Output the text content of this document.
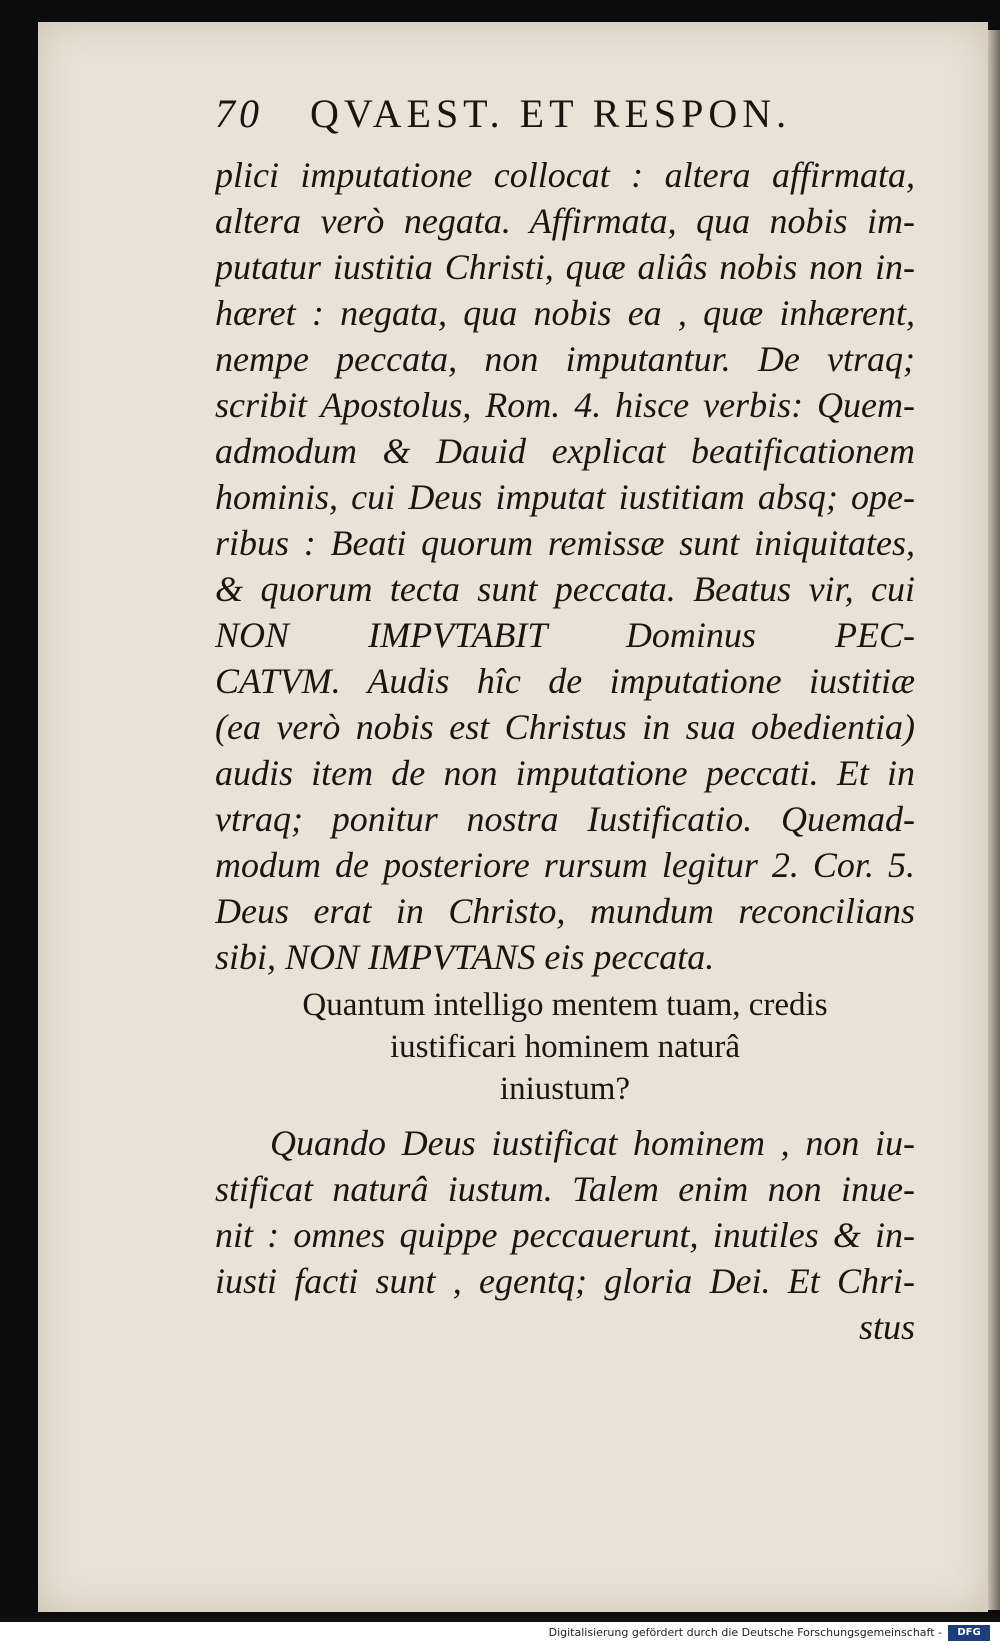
70	QVAEST. ET RESPON.
plici imputatione collocat : altera affirmata,
altera verò negata. Affirmata, qua nobis im-
putatur iustitia Christi, quæ aliâs nobis non in-
hæret : negata, qua nobis ea , quæ inhærent,
nempe peccata, non imputantur. De vtraq;
scribit Apostolus, Rom. 4. hisce verbis: Quem-
admodum & Dauid explicat beatificationem
hominis, cui Deus imputat iustitiam absq; ope-
ribus : Beati quorum remissæ sunt iniquitates,
& quorum tecta sunt peccata. Beatus vir, cui
NON IMPVTABIT Dominus PEC-
CATVM. Audis hîc de imputatione iustitiæ
(ea verò nobis est Christus in sua obedientia)
audis item de non imputatione peccati. Et in
vtraq; ponitur nostra Iustificatio. Quemad-
modum de posteriore rursum legitur 2. Cor. 5.
Deus erat in Christo, mundum reconcilians
sibi, NON IMPVTANS eis peccata.
Quantum intelligo mentem tuam, credis
iustificari hominem naturâ
iniustum?
Quando Deus iustificat hominem , non iu-
stificat naturâ iustum. Talem enim non inue-
nit : omnes quippe peccauerunt, inutiles & in-
iusti facti sunt , egentq; gloria Dei. Et Chri-
stus
Digitalisierung gefördert durch die Deutsche Forschungsgemeinschaft -	DFG
